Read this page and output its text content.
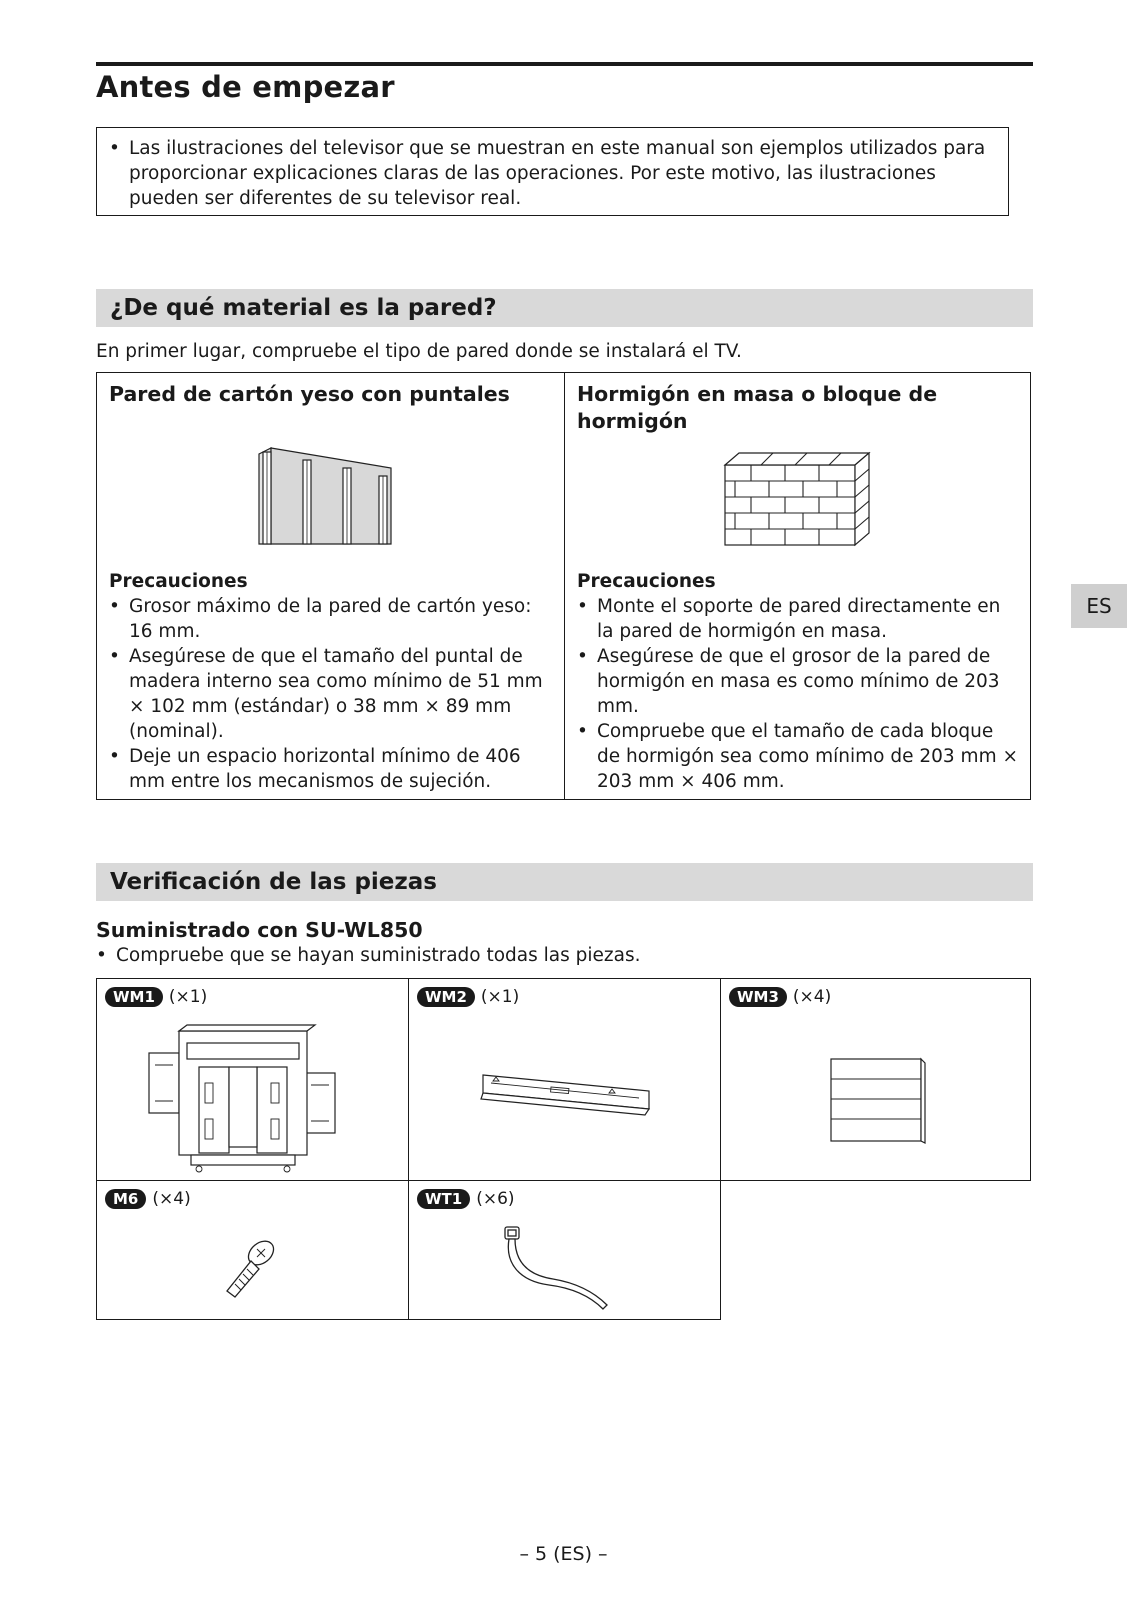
Antes de empezar
• Las ilustraciones del televisor que se muestran en este manual son ejemplos utilizados para proporcionar explicaciones claras de las operaciones. Por este motivo, las ilustraciones pueden ser diferentes de su televisor real.
¿De qué material es la pared?
En primer lugar, compruebe el tipo de pared donde se instalará el TV.
Pared de cartón yeso con puntales
Precauciones
• Grosor máximo de la pared de cartón yeso: 16 mm.
• Asegúrese de que el tamaño del puntal de madera interno sea como mínimo de 51 mm × 102 mm (estándar) o 38 mm × 89 mm (nominal).
• Deje un espacio horizontal mínimo de 406 mm entre los mecanismos de sujeción.
Hormigón en masa o bloque de hormigón
Precauciones
• Monte el soporte de pared directamente en la pared de hormigón en masa.
• Asegúrese de que el grosor de la pared de hormigón en masa es como mínimo de 203 mm.
• Compruebe que el tamaño de cada bloque de hormigón sea como mínimo de 203 mm × 203 mm × 406 mm.
Verificación de las piezas
Suministrado con SU-WL850
• Compruebe que se hayan suministrado todas las piezas.
WM1 (×1)	WM2 (×1)	WM3 (×4)
M6 (×4)	WT1 (×6)
ES
– 5 (ES) –
